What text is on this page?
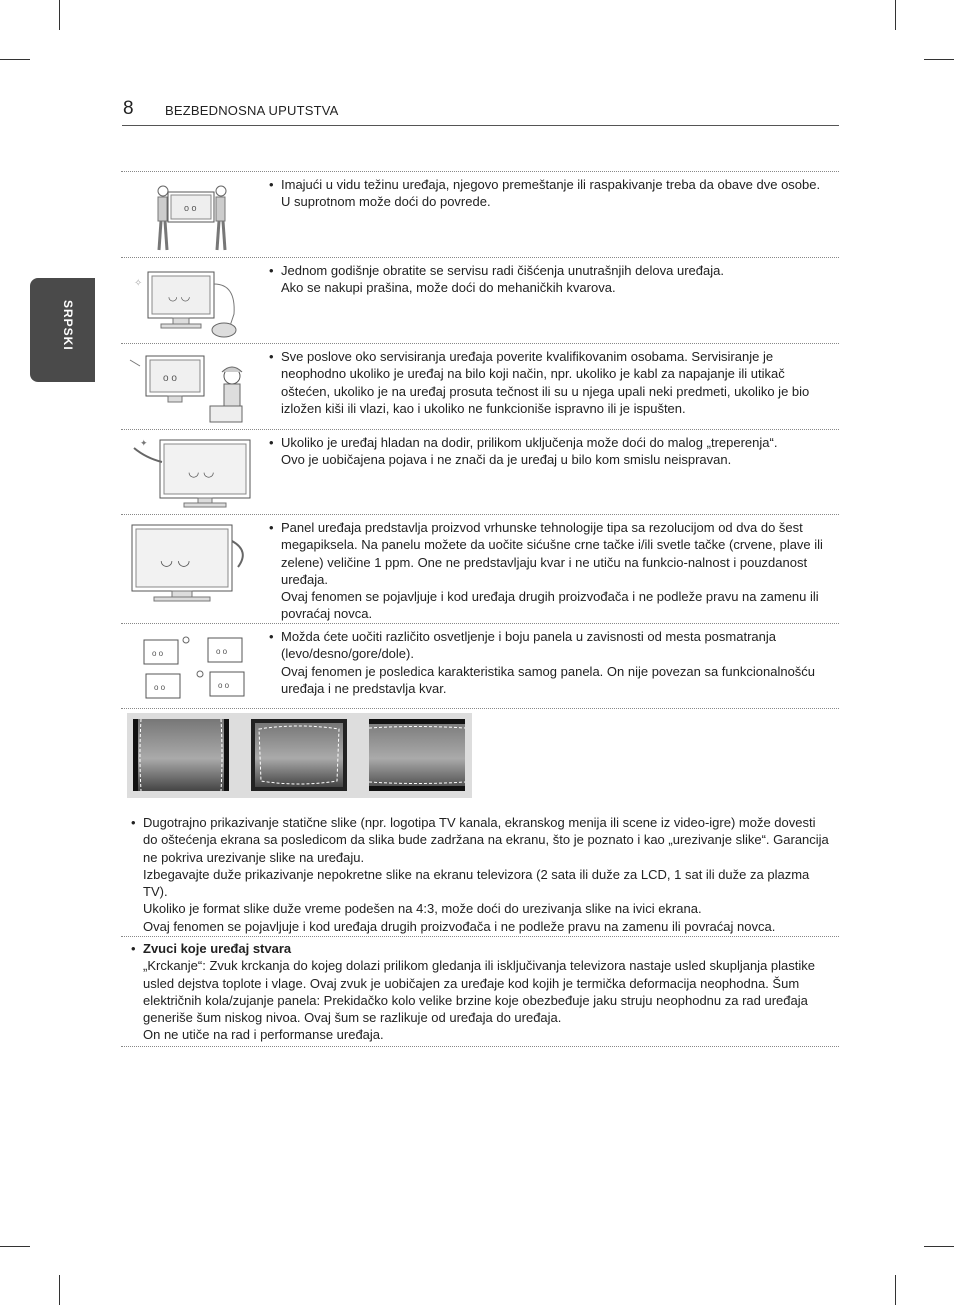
8 BEZBEDNOSNA UPUTSTVA
SRPSKI
o o
• Imajući u vidu težinu uređaja, njegovo premeštanje ili raspakivanje treba da obave dve osobe.
U suprotnom može doći do povrede.
◡ ◡
✧
• Jednom godišnje obratite se servisu radi čišćenja unutrašnjih delova uređaja.
Ako se nakupi prašina, može doći do mehaničkih kvarova.
o o
• Sve poslove oko servisiranja uređaja poverite kvalifikovanim osobama. Servisiranje je neophodno ukoliko je uređaj na bilo koji način, npr. ukoliko je kabl za napajanje ili utikač oštećen, ukoliko je na uređaj prosuta tečnost ili su u njega upali neki predmeti, ukoliko je bio izložen kiši ili vlazi, kao i ukoliko ne funkcioniše ispravno ili je ispušten.
◡ ◡
✦	• Ukoliko je uređaj hladan na dodir, prilikom uključenja može doći do malog „treperenja“.
Ovo je uobičajena pojava i ne znači da je uređaj u bilo kom smislu neispravan.
◡ ◡
• Panel uređaja predstavlja proizvod vrhunske tehnologije tipa sa rezolucijom od dva do šest megapiksela. Na panelu možete da uočite sićušne crne tačke i/ili svetle tačke (crvene, plave ili zelene) veličine 1 ppm. One ne predstavljaju kvar i ne utiču na funkcio-nalnost i pouzdanost uređaja.
Ovaj fenomen se pojavljuje i kod uređaja drugih proizvođača i ne podleže pravu na zamenu ili povraćaj novca.
o o	o o
o o	o o
• Možda ćete uočiti različito osvetljenje i boju panela u zavisnosti od mesta posmatranja (levo/desno/gore/dole).
Ovaj fenomen je posledica karakteristika samog panela. On nije povezan sa funkcionalnošću uređaja i ne predstavlja kvar.
• Dugotrajno prikazivanje statične slike (npr. logotipa TV kanala, ekranskog menija ili scene iz video-igre) može dovesti do oštećenja ekrana sa posledicom da slika bude zadržana na ekranu, što je poznato i kao „urezivanje slike“. Garancija ne pokriva urezivanje slike na uređaju.
Izbegavajte duže prikazivanje nepokretne slike na ekranu televizora (2 sata ili duže za LCD, 1 sat ili duže za plazma TV).
Ukoliko je format slike duže vreme podešen na 4:3, može doći do urezivanja slike na ivici ekrana.
Ovaj fenomen se pojavljuje i kod uređaja drugih proizvođača i ne podleže pravu na zamenu ili povraćaj novca.
• Zvuci koje uređaj stvara
„Krckanje“: Zvuk krckanja do kojeg dolazi prilikom gledanja ili isključivanja televizora nastaje usled skupljanja plastike usled dejstva toplote i vlage. Ovaj zvuk je uobičajen za uređaje kod kojih je termička deformacija neophodna. Šum električnih kola/zujanje panela: Prekidačko kolo velike brzine koje obezbeđuje jaku struju neophodnu za rad uređaja generiše šum niskog nivoa. Ovaj šum se razlikuje od uređaja do uređaja.
On ne utiče na rad i performanse uređaja.
